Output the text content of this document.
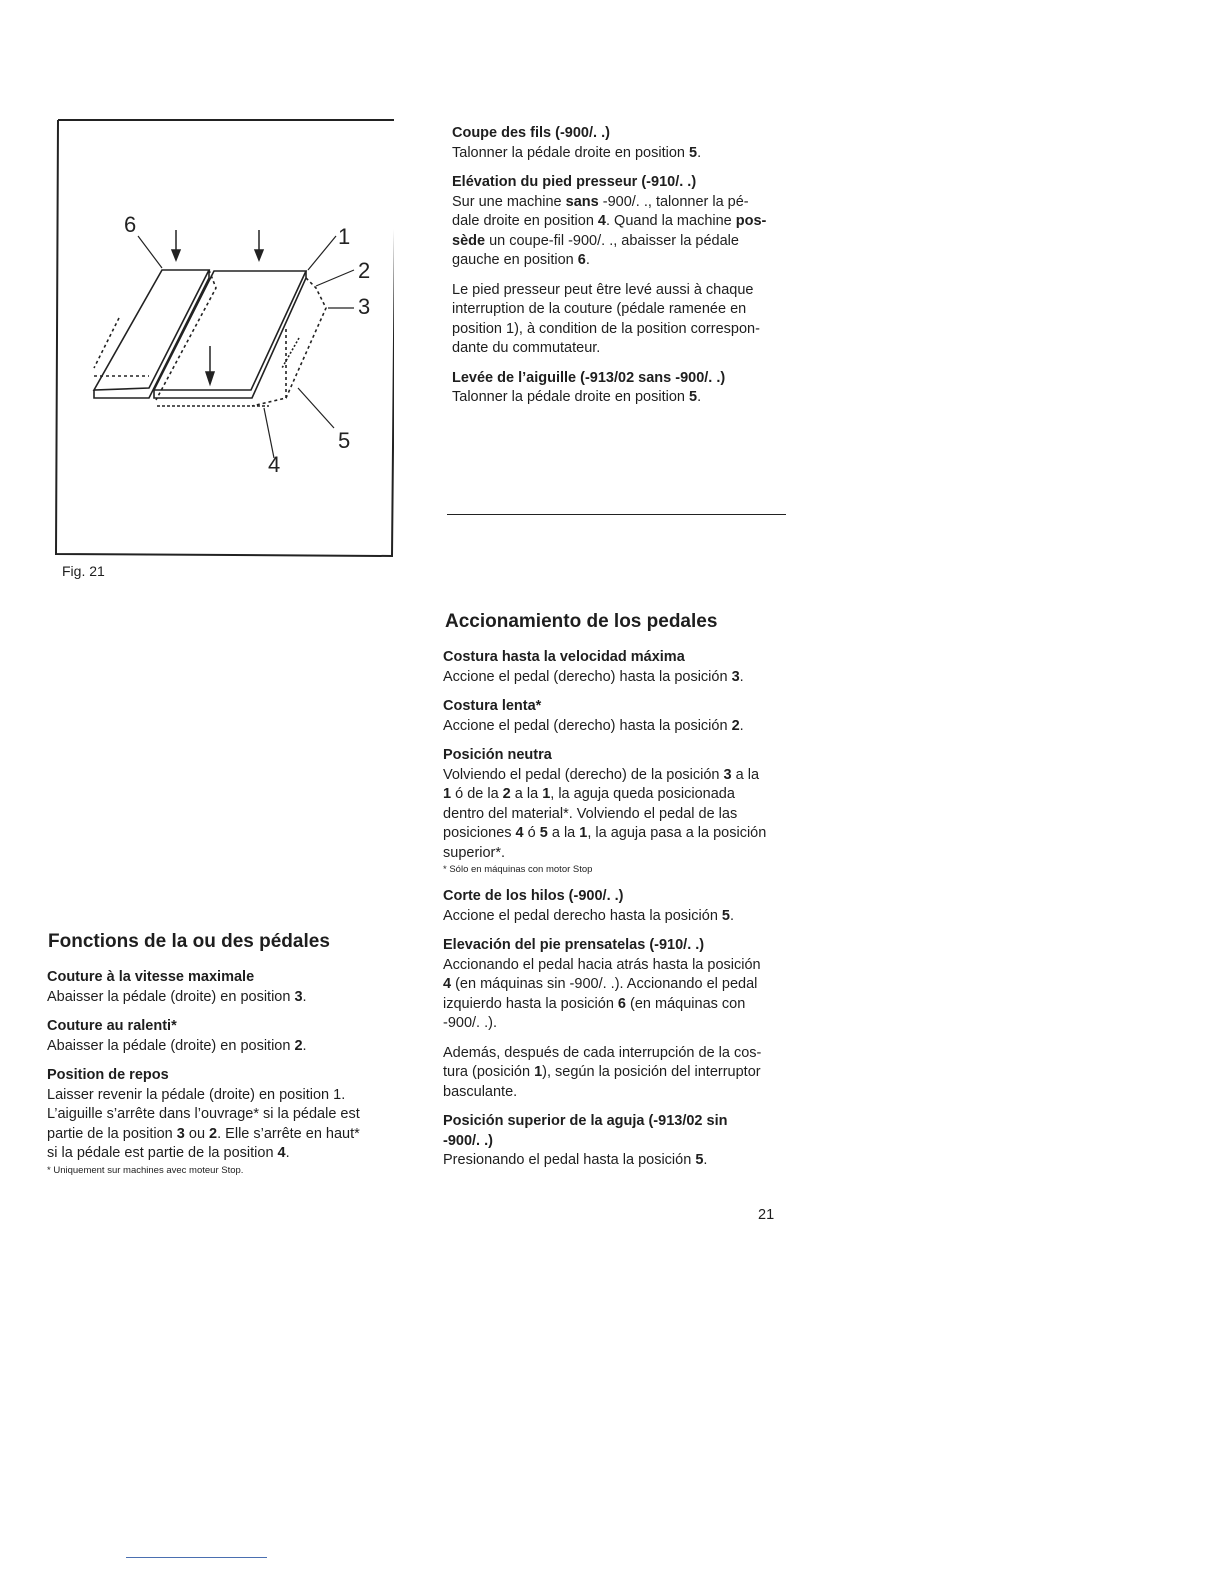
6	1
2
3
5
4
Fig. 21

Coupe des fils (-900/. .)

Talonner la pédale droite en position 5.

Elévation du pied presseur (-910/. .)

Sur une machine sans -900/. ., talonner la pé-

dale droite en position 4. Quand la machine pos-

sède un coupe-fil -900/. ., abaisser la pédale

gauche en position 6.

Le pied presseur peut être levé aussi à chaque

interruption de la couture (pédale ramenée en

position 1), à condition de la position correspon-

dante du commutateur.

Levée de l’aiguille (-913/02 sans -900/. .)

Talonner la pédale droite en position 5.

Accionamiento de los pedales

Costura hasta la velocidad máxima

Accione el pedal (derecho) hasta la posición 3.

Costura lenta*

Accione el pedal (derecho) hasta la posición 2.

Posición neutra

Volviendo el pedal (derecho) de la posición 3 a la

1 ó de la 2 a la 1, la aguja queda posicionada

dentro del material*. Volviendo el pedal de las

posiciones 4 ó 5 a la 1, la aguja pasa a la posición

superior*.

* Sólo en máquinas con motor Stop

Corte de los hilos (-900/. .)

Accione el pedal derecho hasta la posición 5.

Elevación del pie prensatelas (-910/. .)

Accionando el pedal hacia atrás hasta la posición

4 (en máquinas sin -900/. .). Accionando el pedal

izquierdo hasta la posición 6 (en máquinas con

-900/. .).

Además, después de cada interrupción de la cos-

tura (posición 1), según la posición del interruptor

basculante.

Posición superior de la aguja (-913/02 sin

-900/. .)

Presionando el pedal hasta la posición 5.

Fonctions de la ou des pédales

Couture à la vitesse maximale

Abaisser la pédale (droite) en position 3.

Couture au ralenti*

Abaisser la pédale (droite) en position 2.

Position de repos

Laisser revenir la pédale (droite) en position 1.

L’aiguille s’arrête dans l’ouvrage* si la pédale est

partie de la position 3 ou 2. Elle s’arrête en haut*

si la pédale est partie de la position 4.

* Uniquement sur machines avec moteur Stop.

21
